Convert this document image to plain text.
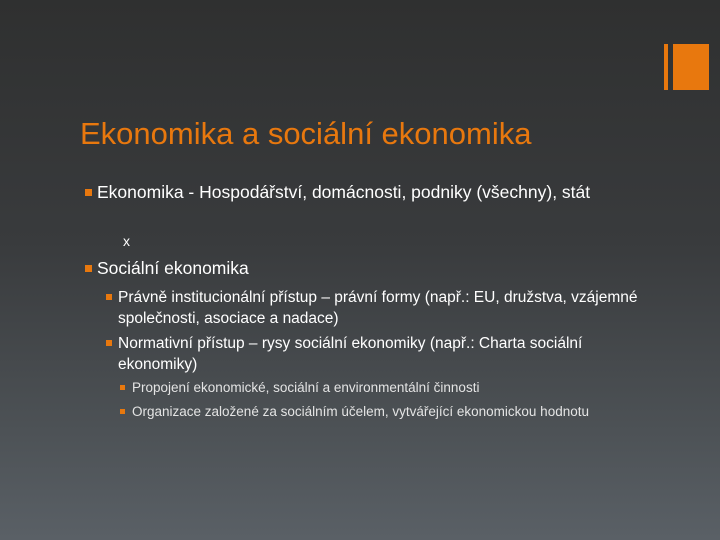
Ekonomika a sociální ekonomika
Ekonomika - Hospodářství, domácnosti, podniky (všechny), stát
x
Sociální ekonomika
Právně institucionální přístup – právní formy (např.: EU, družstva, vzájemné společnosti, asociace a nadace)
Normativní přístup – rysy sociální ekonomiky (např.: Charta sociální ekonomiky)
Propojení ekonomické, sociální a environmentální činnosti
Organizace založené za sociálním účelem, vytvářející ekonomickou hodnotu
